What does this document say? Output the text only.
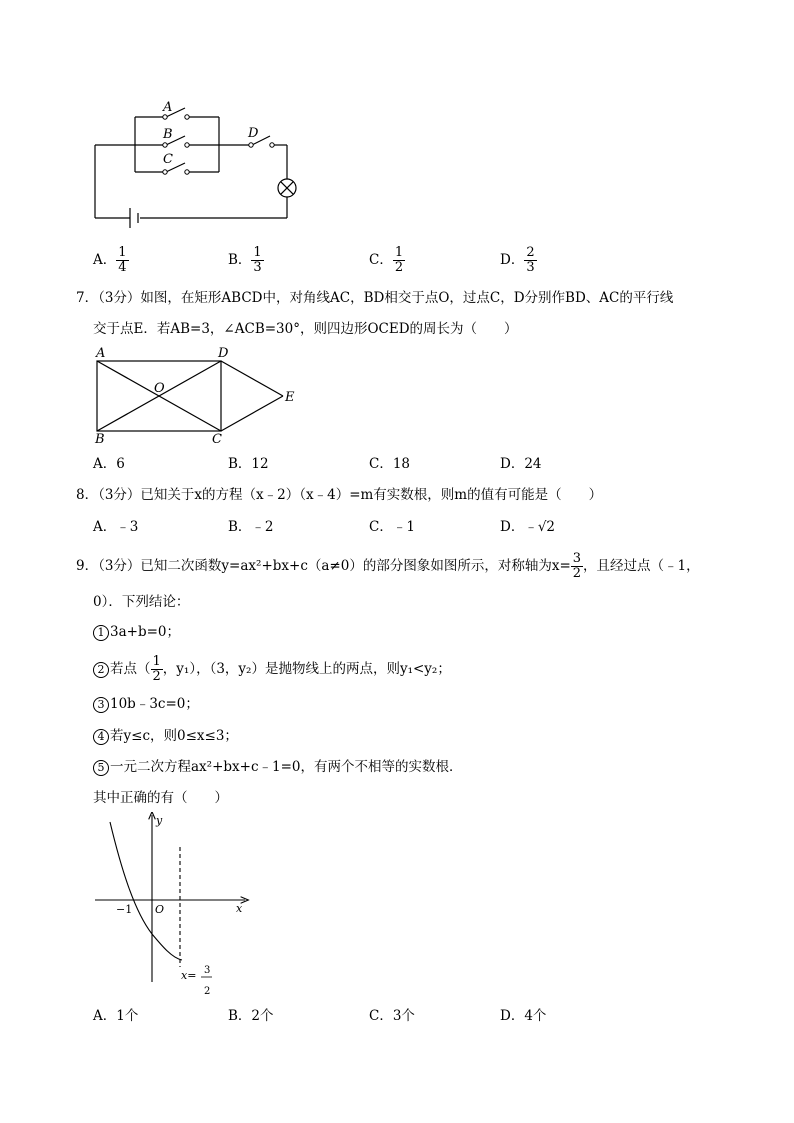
A
B
C
D
A． $\frac{1}{4}$	B． $\frac{1}{3}$	C． $\frac{1}{2}$	D． $\frac{2}{3}$
7．（3分）如图，在矩形ABCD中，对角线AC，BD相交于点O，过点C，D分别作BD、AC的平行线
交于点E．若AB=3，∠ACB=30°，则四边形OCED的周长为（　　）
A	D
O
E
B	C
A．6	B．12	C．18	D．24
8．（3分）已知关于x的方程（x﹣2）（x﹣4）=m有实数根，则m的值有可能是（　　）
A．﹣3	B．﹣2	C．﹣1	D．﹣√2
9．（3分）已知二次函数y=ax²+bx+c（a≠0）的部分图象如图所示，对称轴为$x= \frac{3}{2}$ ，且经过点（﹣1，
0）．下列结论：
1 3a+b=0；
2 若点（ $\frac{1}{2}$ ，y₁），（3，y₂）是抛物线上的两点，则y₁<y₂；
3 10b﹣3c=0；
4 若y≤c，则0≤x≤3；
5 一元二次方程ax²+bx+c﹣1=0，有两个不相等的实数根．
其中正确的有（　　）
y
x
−1 O
x= 3
2
A．1个	B．2个	C．3个	D．4个
